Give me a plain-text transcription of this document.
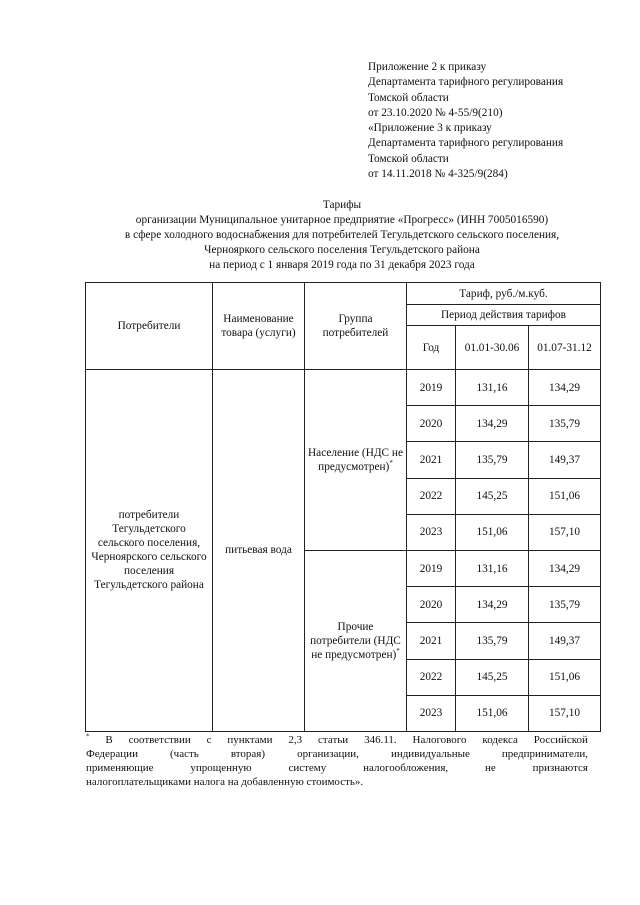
Приложение 2 к приказу
Департамента тарифного регулирования
Томской области
от 23.10.2020 № 4-55/9(210)
«Приложение 3 к приказу
Департамента тарифного регулирования
Томской области
от 14.11.2018 № 4-325/9(284)
Тарифы
организации Муниципальное унитарное предприятие «Прогресс» (ИНН 7005016590)
в сфере холодного водоснабжения для потребителей Тегульдетского сельского поселения,
Чернояркого сельского поселения Тегульдетского района
на период с 1 января 2019 года по 31 декабря 2023 года
Потребители	Наименование товара (услуги)	Группа потребителей	Тариф, руб./м.куб.		
			Период действия тарифов		
			Год	01.01-30.06	01.07-31.12
потребители Тегульдетского сельского поселения, Черноярского сельского поселения Тегульдетского района	питьевая вода	Население (НДС не предусмотрен)*	2019	131,16	134,29
			2020	134,29	135,79
			2021	135,79	149,37
			2022	145,25	151,06
			2023	151,06	157,10
		Прочие потребители (НДС не предусмотрен)*	2019	131,16	134,29
			2020	134,29	135,79
			2021	135,79	149,37
			2022	145,25	151,06
			2023	151,06	157,10
* В соответствии с пунктами 2,3 статьи 346.11. Налогового кодекса Российской
Федерации	(часть	вторая)	организации,	индивидуальные	предприниматели,
применяющие	упрощенную	систему	налогообложения,	не	признаются
налогоплательщиками налога на добавленную стоимость».
